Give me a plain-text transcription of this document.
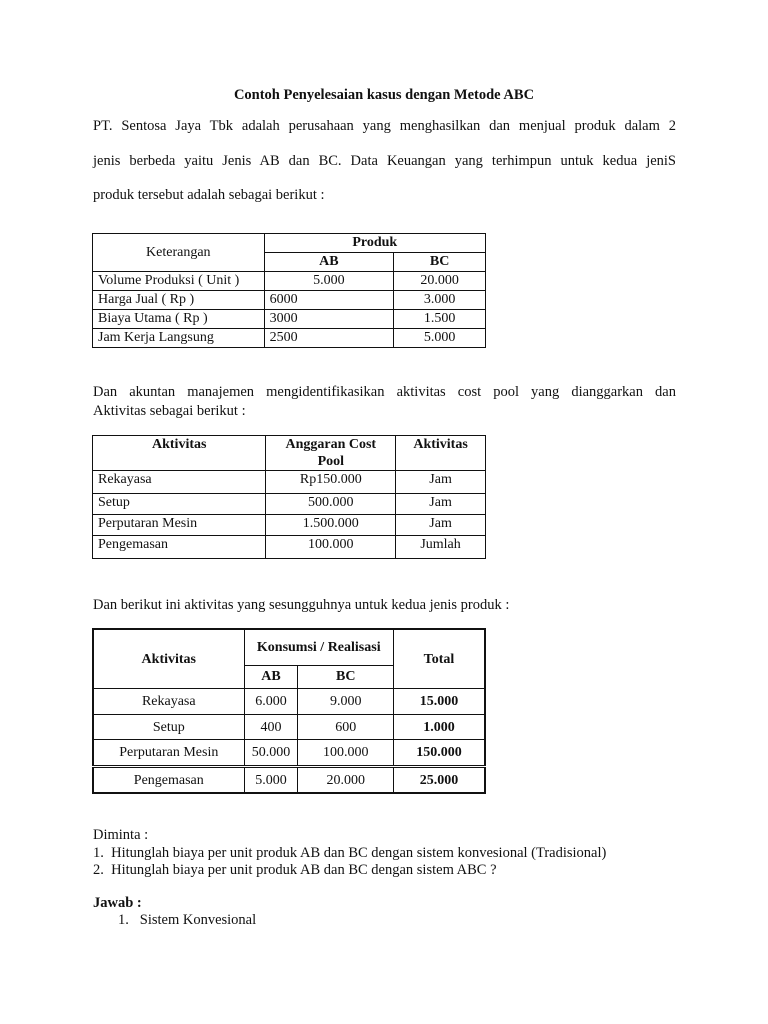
Contoh Penyelesaian kasus dengan Metode ABC
PT. Sentosa Jaya Tbk adalah perusahaan yang menghasilkan dan menjual produk dalam 2
jenis berbeda yaitu Jenis AB dan BC. Data Keuangan yang terhimpun untuk kedua jeniS
produk tersebut adalah sebagai berikut :
Keterangan	Produk	
	AB	BC
Volume Produksi ( Unit )	5.000	20.000
Harga Jual ( Rp )	6000	3.000
Biaya Utama ( Rp )	3000	1.500
Jam Kerja Langsung	2500	5.000
Dan akuntan manajemen mengidentifikasikan aktivitas cost pool yang dianggarkan dan
Aktivitas sebagai berikut :
Aktivitas	Anggaran Cost Pool	Aktivitas
Rekayasa	Rp150.000	Jam
Setup	500.000	Jam
Perputaran Mesin	1.500.000	Jam
Pengemasan	100.000	Jumlah
Dan berikut ini aktivitas yang sesungguhnya untuk kedua jenis produk :
Aktivitas	Konsumsi / Realisasi		Total
	AB	BC	
Rekayasa	6.000	9.000	15.000
Setup	400	600	1.000
Perputaran Mesin	50.000	100.000	150.000
Pengemasan	5.000	20.000	25.000
Diminta :
1.  Hitunglah biaya per unit produk AB dan BC dengan sistem konvesional (Tradisional)
2.  Hitunglah biaya per unit produk AB dan BC dengan sistem ABC ?
Jawab :
1.   Sistem Konvesional
